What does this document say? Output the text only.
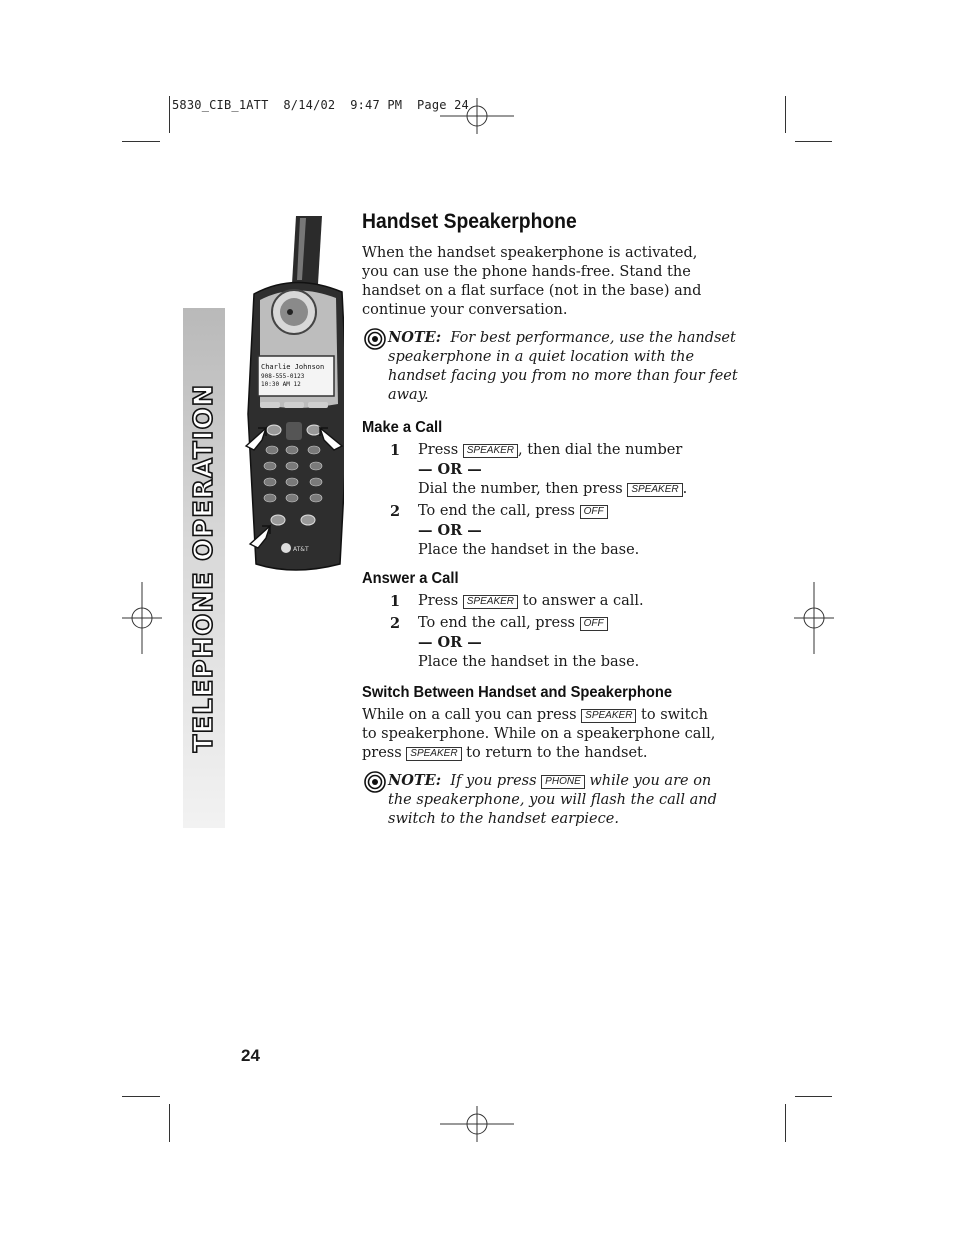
5830_CIB_1ATT  8/14/02  9:47 PM  Page 24
TELEPHONE OPERATION
Charlie Johnson
908-555-0123
10:30 AM 12
AT&T
Handset Speakerphone

When the handset speakerphone is activated, you can use the phone hands-free. Stand the handset on a flat surface (not in the base) and continue your conversation.

NOTE: For best performance, use the handset speakerphone in a quiet location with the handset facing you from no more than four feet away.
Make a Call
1	Press SPEAKER , then dial the number
— OR —
Dial the number, then press SPEAKER .
2	To end the call, press OFF
— OR —
Place the handset in the base.
Answer a Call
1	Press SPEAKER to answer a call.
2	To end the call, press OFF
— OR —
Place the handset in the base.
Switch Between Handset and Speakerphone

While on a call you can press SPEAKER to switch to speakerphone. While on a speakerphone call, press SPEAKER to return to the handset.

NOTE: If you press PHONE while you are on the speakerphone, you will flash the call and switch to the handset earpiece.
24
